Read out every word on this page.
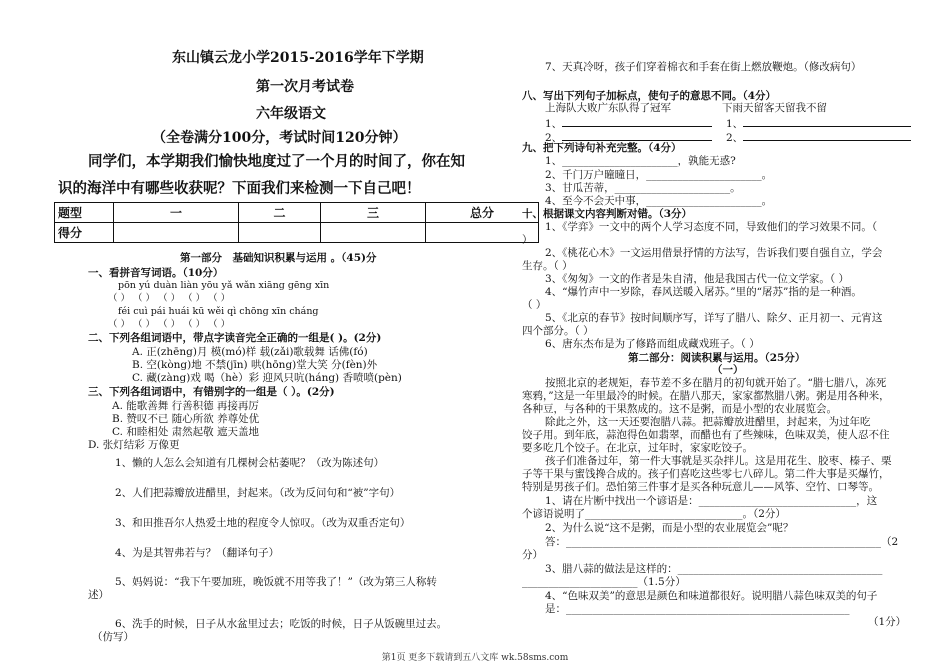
东山镇云龙小学2015-2016学年下学期
第一次月考试卷
六年级语文
（全卷满分100分，考试时间120分钟）
同学们，本学期我们愉快地度过了一个月的时间了，你在知
识的海洋中有哪些收获呢？下面我们来检测一下自己吧！
题型	一	二	三	总分
得分				
第一部分　基础知识积累与运用 。（45)分
一、看拼音写词语。（10分）
pōn yú duàn liàn yōu yǎ wǎn xiāng gēng xīn
（ ） （ ） （ ） （ ） （ ）
féi cuì pái huái kū wěi qì chōng xīn cháng
（ ） （ ） （ ） （ ） （ ）
二、下列各组词语中，带点字读音完全正确的一组是( )。(2分)
A. 正(zhēng)月 模(mó)样 载(zǎi)歌载舞 话佛(fó)
B. 空(kòng)地 不禁(jīn) 哄(hōng)堂大笑 分(fèn)外
C. 藏(zàng)戏 喝（hè）彩 迎风只吭(háng) 香喷喷(pèn)
三、下列各组词语中，有错别字的一组是（ ）。(2分)
A. 能歌善舞 行善积德 再接再厉
B. 赞叹不已 随心所欲 养尊处优
C. 和睦相处 肃然起敬 遮天盖地
D. 张灯结彩 万像更
1、懒的人怎么会知道有几棵树会枯萎呢？（改为陈述句）
2、人们把蒜瓣放进醋里，封起来。（改为反问句和“被”字句）
3、和田推吾尔人热爱土地的程度令人惊叹。（改为双重否定句）
4、为是其智弗若与？（翻译句子）
5、妈妈说：“我下午要加班，晚饭就不用等我了！”（改为第三人称转
述）
6、洗手的时候，日子从水盆里过去；吃饭的时候，日子从饭碗里过去。
（仿写）
7、天真冷呀，孩子们穿着棉衣和手套在街上燃放鞭炮。（修改病句）
八、写出下列句子加标点，使句子的意思不同。（4分）
上海队大败广东队得了冠军	下雨天留客天留我不留
1、	1、
2、	2、
九、把下列诗句补充完整。（4分）
1、______________________，孰能无惑?
2、千门万户曈曈日，______________________。
3、甘瓜苦蒂，______________________。
4、至今不会天中事，______________________。
十、根据课文内容判断对错。（3分）
1、《学弈》一文中的两个人学习态度不同，导致他们的学习效果不同。（
）
2、《桃花心木》一文运用借景抒情的方法写，告诉我们要自强自立，学会
生存。（ ）
3、《匆匆》一文的作者是朱自清，他是我国古代一位文学家。（ ）
4、“爆竹声中一岁除，春风送暖入屠苏。”里的“屠苏”指的是一种酒。
（ ）
5、《北京的春节》按时间顺序写，详写了腊八、除夕、正月初一、元宵这
四个部分。（ ）
6、唐东杰布是为了修路而组成藏戏班子。（ ）
第二部分：阅读积累与运用。（25分）
（一）
按照北京的老规矩，春节差不多在腊月的初旬就开始了。“腊七腊八，冻死
寒鸦，”这是一年里最冷的时候。在腊八那天，家家都熬腊八粥。粥是用各种米，
各种豆，与各种的干果熬成的。这不是粥，而是小型的农业展览会。
除此之外，这一天还要泡腊八蒜。把蒜瓣放进醋里，封起来，为过年吃
饺子用。到年底，蒜泡得色如翡翠，而醋也有了些辣味，色味双美，使人忍不住
要多吃几个饺子。在北京，过年时，家家吃饺子。
孩子们准备过年，第一件大事就是买杂拌儿。这是用花生、胶枣、榛子、栗
子等干果与蜜饯搀合成的。孩子们喜吃这些零七八碎儿。第二件大事是买爆竹，
特别是男孩子们。恐怕第三件事才是买各种玩意儿——风筝、空竹、口琴等。
1、请在片断中找出一个谚语是：______________________________，这
个谚语说明了______________________________。（2分）
2、为什么说“这不是粥，而是小型的农业展览会”呢？
答：____________________________________________________________（2
分）
3、腊八蒜的做法是这样的：_______________________________________
______________________（1.5分）
4、“色味双美”的意思是颜色和味道都很好。说明腊八蒜色味双美的句子
是：______________________________________________________
（1分）
第1页 更多下载请到五八文库 wk.58sms.com
